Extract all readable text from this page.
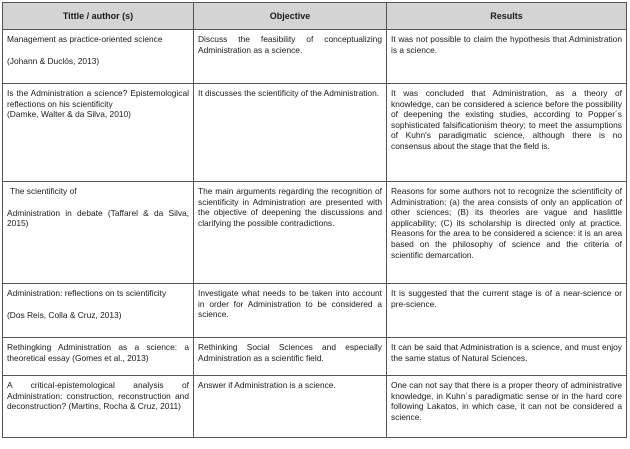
Tittle / author (s)	Objective	Results

Management as practice-oriented science

(Johann & Duclós, 2013)	Discuss the feasibility of conceptualizing Administration as a science.	It was not possible to claim the hypothesis that Administration is a science.

Is the Administration a science? Epistemological reflections on his scientificity

(Damke, Walter & da Silva, 2010)	It discusses the scientificity of the Administration.	It was concluded that Administration, as a theory of knowledge, can be considered a science before the possibility of deepening the existing studies, according to Popper´s sophisticated falsificationism theory; to meet the assumptions of Kuhn's paradigmatic science, although there is no consensus about the stage that the field is.

The scientificity of

Administration in debate (Taffarel & da Silva, 2015)	The main arguments regarding the recognition of scientificity in Administration are presented with the objective of deepening the discussions and clarifying the possible contradictions.	Reasons for some authors not to recognize the scientificity of Administration: (a) the area consists of only an application of other sciences; (B) its theories are vague and haslittle applicability; (C) its scholarship is directed only at practice. Reasons for the area to be considered a science: it is an area based on the philosophy of science and the criteria of scientific demarcation.

Administration: reflections on ts scientificity

(Dos Reis, Colla & Cruz, 2013)	Investigate what needs to be taken into account in order for Administration to be considered a science.	It is suggested that the current stage is of a near-science or pre-science.

Rethingking Administration as a science: a theoretical essay (Gomes et al., 2013)	Rethinking Social Sciences and especially Administration as a scientific field.	It can be said that Administration is a science, and must enjoy the same status of Natural Sciences.

A critical-epistemological analysis of Administration: construction, reconstruction and deconstruction? (Martins, Rocha & Cruz, 2011)	Answer if Administration is a science.	One can not say that there is a proper theory of administrative knowledge, in Kuhn´s paradigmatic sense or in the hard core following Lakatos, in which case, it can not be considered a science.
